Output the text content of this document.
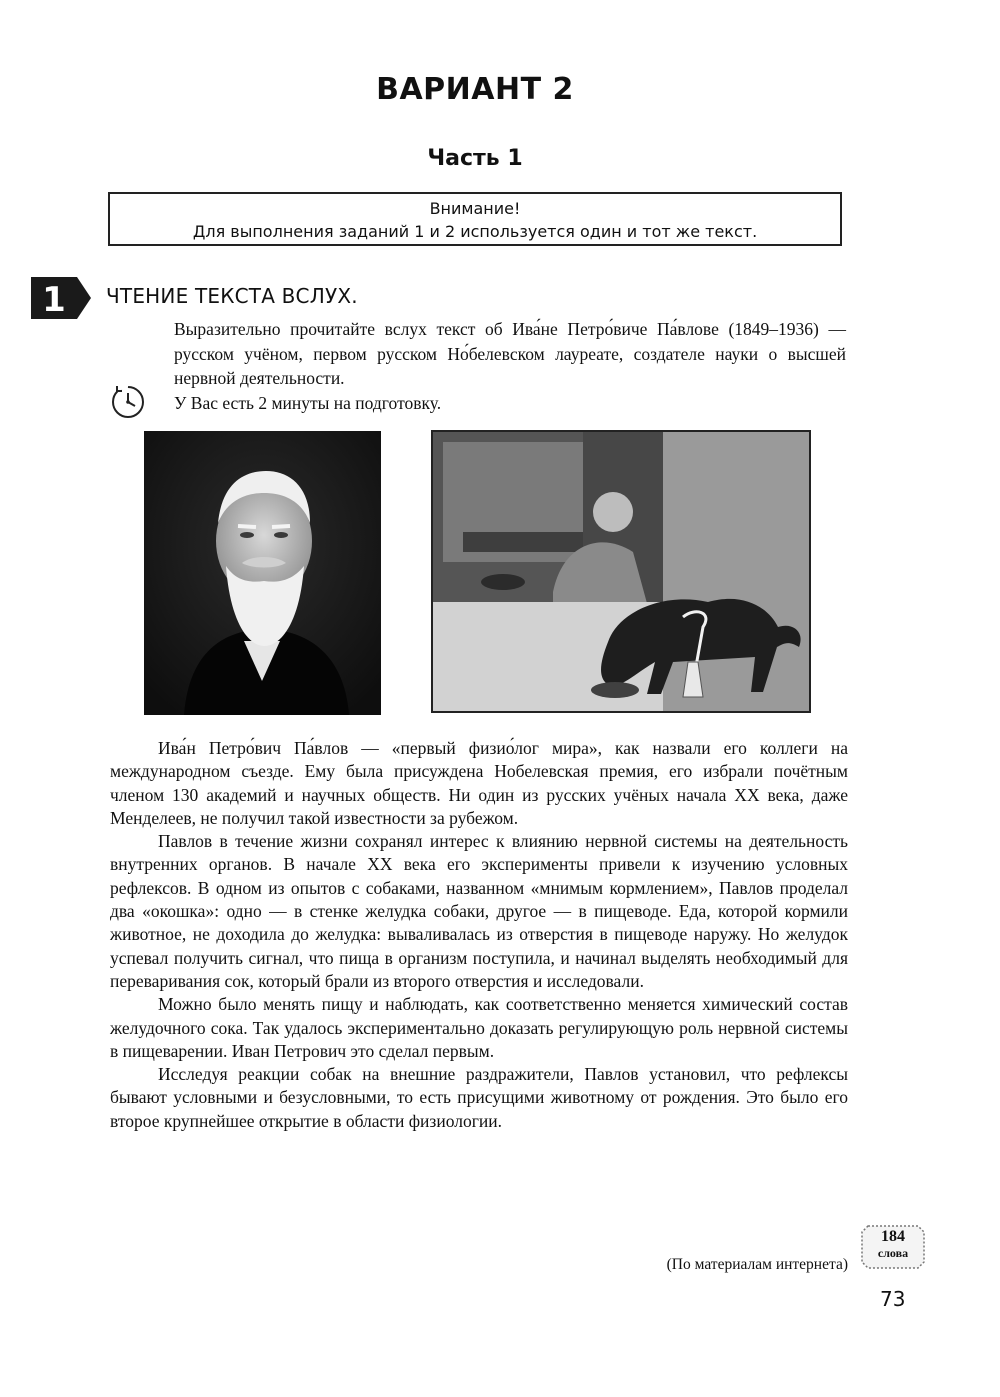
ВАРИАНТ 2
Часть 1
Внимание!
Для выполнения заданий 1 и 2 используется один и тот же текст.
1 ЧТЕНИЕ ТЕКСТА ВСЛУХ.

Выразительно прочитайте вслух текст об Ива́не Петро́виче Па́влове (1849–1936) — русском учёном, первом русском Но́белевском лауреате, создателе науки о высшей нервной деятельности.

У Вас есть 2 минуты на подготовку.

Ива́н Петро́вич Па́влов — «первый физио́лог мира», как назвали его коллеги на международном съезде. Ему была присуждена Нобелевская премия, его избрали почётным членом 130 академий и научных обществ. Ни один из русских учёных начала XX века, даже Менделеев, не получил такой известности за рубежом.

Павлов в течение жизни сохранял интерес к влиянию нервной системы на деятельность внутренних органов. В начале XX века его эксперименты привели к изучению условных рефлексов. В одном из опытов с собаками, названном «мнимым кормлением», Павлов проделал два «окошка»: одно — в стенке желудка собаки, другое — в пищеводе. Еда, которой кормили животное, не доходила до желудка: вываливалась из отверстия в пищеводе наружу. Но желудок успевал получить сигнал, что пища в организм поступила, и начинал выделять необходимый для переваривания сок, который брали из второго отверстия и исследовали.

Можно было менять пищу и наблюдать, как соответственно меняется химический состав желудочного сока. Так удалось экспериментально доказать регулирующую роль нервной системы в пищеварении. Иван Петрович это сделал первым.

Исследуя реакции собак на внешние раздражители, Павлов установил, что рефлексы бывают условными и безусловными, то есть присущими животному от рождения. Это было его второе крупнейшее открытие в области физиологии.

(По материалам интернета)
184
слова
73
